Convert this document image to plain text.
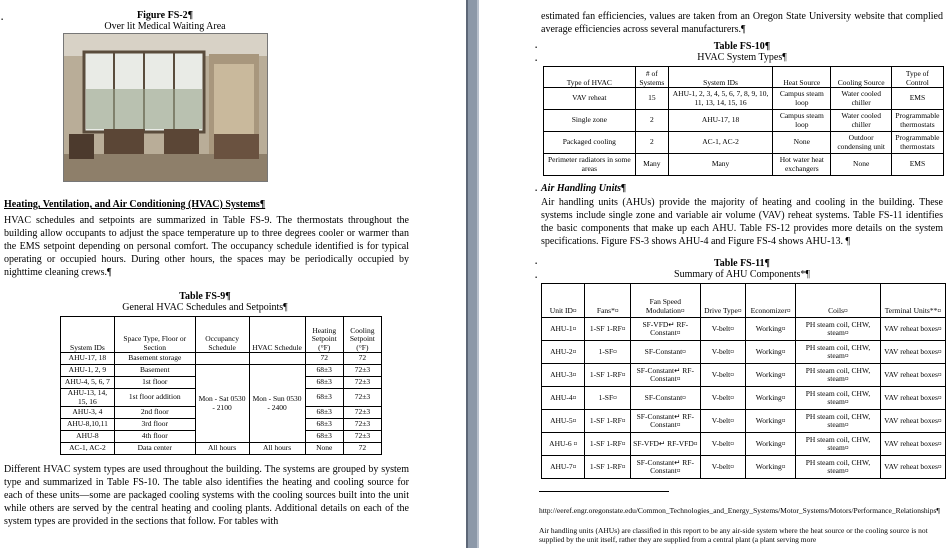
.	Figure FS-2¶
Over lit Medical Waiting Area
Heating, Ventilation, and Air Conditioning (HVAC) Systems¶
HVAC schedules and setpoints are summarized in Table FS-9. The thermostats throughout the building allow occupants to adjust the space temperature up to three degrees cooler or warmer than the EMS setpoint depending on personal comfort. The occupancy schedule identified is for typical operating or occupied hours. During other hours, the spaces may be periodically occupied by nighttime cleaning crews.¶
Table FS-9¶
General HVAC Schedules and Setpoints¶
System IDs	Space Type, Floor or Section	Occupancy Schedule	HVAC Schedule	Heating Setpoint (°F)	Cooling Setpoint (°F)
AHU-17, 18	Basement storage			72	72
AHU-1, 2, 9	Basement	Mon - Sat 0530 - 2100	Mon - Sun 0530 - 2400	68±3	72±3
AHU-4, 5, 6, 7	1st floor			68±3	72±3
AHU-13, 14, 15, 16	1st floor addition			68±3	72±3
AHU-3, 4	2nd floor			68±3	72±3
AHU-8,10,11	3rd floor			68±3	72±3
AHU-8	4th floor			68±3	72±3
AC-1, AC-2	Data center	All hours	All hours	None	72
Different HVAC system types are used throughout the building. The systems are grouped by system type and summarized in Table FS-10. The table also identifies the heating and cooling source for each of these units—some are packaged cooling systems with the cooling sources built into the unit while others are served by the central heating and cooling plants. Additional details on each of the system types are provided in the sections that follow. For tables with
estimated fan efficiencies, values are taken from an Oregon State University website that complied average efficiencies across several manufacturers.¶
.
.
Table FS-10¶
HVAC System Types¶
Type of HVAC	# of Systems	System IDs	Heat Source	Cooling Source	Type of Control
VAV reheat	15	AHU-1, 2, 3, 4, 5, 6, 7, 8, 9, 10, 11, 13, 14, 15, 16	Campus steam loop	Water cooled chiller	EMS
Single zone	2	AHU-17, 18	Campus steam loop	Water cooled chiller	Programmable thermostats
Packaged cooling	2	AC-1, AC-2	None	Outdoor condensing unit	Programmable thermostats
Perimeter radiators in some areas	Many	Many	Hot water heat exchangers	None	EMS
. Air Handling Units¶
Air handling units (AHUs) provide the majority of heating and cooling in the building. These systems include single zone and variable air volume (VAV) reheat systems. Table FS-11 identifies the basic components that make up each AHU. Table FS-12 provides more details on the system specifications. Figure FS-3 shows AHU-4 and Figure FS-4 shows AHU-13. ¶
.
.
Table FS-11¶
Summary of AHU Components*¶
Unit ID¤	Fans*¤	Fan Speed Modulation¤	Drive Type¤	Economizer¤	Coils¤	Terminal Units**¤
AHU-1¤	1-SF 1-RF¤	SF-VFD↵ RF-Constant¤	V-belt¤	Working¤	PH steam coil, CHW, steam¤	VAV reheat boxes¤
AHU-2¤	1-SF¤	SF-Constant¤	V-belt¤	Working¤	PH steam coil, CHW, steam¤	VAV reheat boxes¤
AHU-3¤	1-SF 1-RF¤	SF-Constant↵ RF-Constant¤	V-belt¤	Working¤	PH steam coil, CHW, steam¤	VAV reheat boxes¤
AHU-4¤	1-SF¤	SF-Constant¤	V-belt¤	Working¤	PH steam coil, CHW, steam¤	VAV reheat boxes¤
AHU-5¤	1-SF 1-RF¤	SF-Constant↵ RF-Constant¤	V-belt¤	Working¤	PH steam coil, CHW, steam¤	VAV reheat boxes¤
AHU-6 ¤	1-SF 1-RF¤	SF-VFD↵ RF-VFD¤	V-belt¤	Working¤	PH steam coil, CHW, steam¤	VAV reheat boxes¤
AHU-7¤	1-SF 1-RF¤	SF-Constant↵ RF-Constant¤	V-belt¤	Working¤	PH steam coil, CHW, steam¤	VAV reheat boxes¤
http://eeref.engr.oregonstate.edu/Common_Technologies_and_Energy_Systems/Motor_Systems/Motors/Performance_Relationships¶
Air handling units (AHUs) are classified in this report to be any air-side system where the heat source or the cooling source is not supplied by the unit itself, rather they are supplied from a central plant (a plant serving more
